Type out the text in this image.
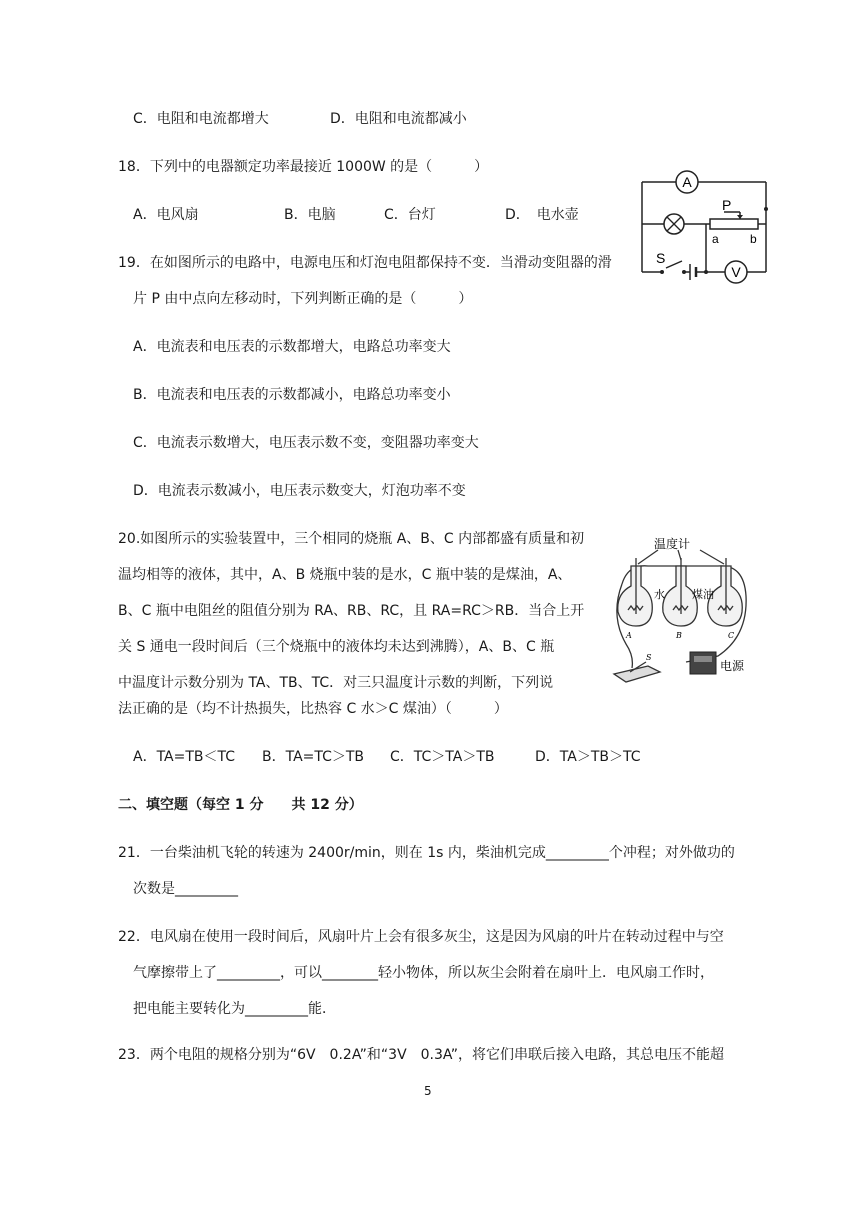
C．电阻和电流都增大	D．电阻和电流都减小
18．下列中的电器额定功率最接近 1000W 的是（　　　）
A．电风扇	B．电脑	C．台灯	D．　电水壶
A
V
P
a	b
S
19．在如图所示的电路中，电源电压和灯泡电阻都保持不变．当滑动变阻器的滑
片 P 由中点向左移动时，下列判断正确的是（　　　）
A．电流表和电压表的示数都增大，电路总功率变大
B．电流表和电压表的示数都减小，电路总功率变小
C．电流表示数增大，电压表示数不变，变阻器功率变大
D．电流表示数减小，电压表示数变大，灯泡功率不变
20.如图所示的实验装置中，三个相同的烧瓶 A、B、C 内部都盛有质量和初
温均相等的液体，其中，A、B 烧瓶中装的是水，C 瓶中装的是煤油，A、
B、C 瓶中电阻丝的阻值分别为 RA、RB、RC，且 RA=RC＞RB．当合上开
关 S 通电一段时间后（三个烧瓶中的液体均未达到沸腾），A、B、C 瓶
中温度计示数分别为 TA、TB、TC．对三只温度计示数的判断，下列说
法正确的是（均不计热损失，比热容 C 水＞C 煤油）（　　　）
温度计
水 煤油
A	B	C
S
电源
A．TA=TB＜TC B．TA=TC＞TB C．TC＞TA＞TB	D．TA＞TB＞TC
二、填空题（每空 1 分　　共 12 分）
21．一台柴油机飞轮的转速为 2400r/min，则在 1s 内，柴油机完成_________个冲程；对外做功的
次数是_________
22．电风扇在使用一段时间后，风扇叶片上会有很多灰尘，这是因为风扇的叶片在转动过程中与空
气摩擦带上了_________，可以________轻小物体，所以灰尘会附着在扇叶上．电风扇工作时，
把电能主要转化为_________能．
23．两个电阻的规格分别为“6V　0.2A”和“3V　0.3A”，将它们串联后接入电路，其总电压不能超
5
